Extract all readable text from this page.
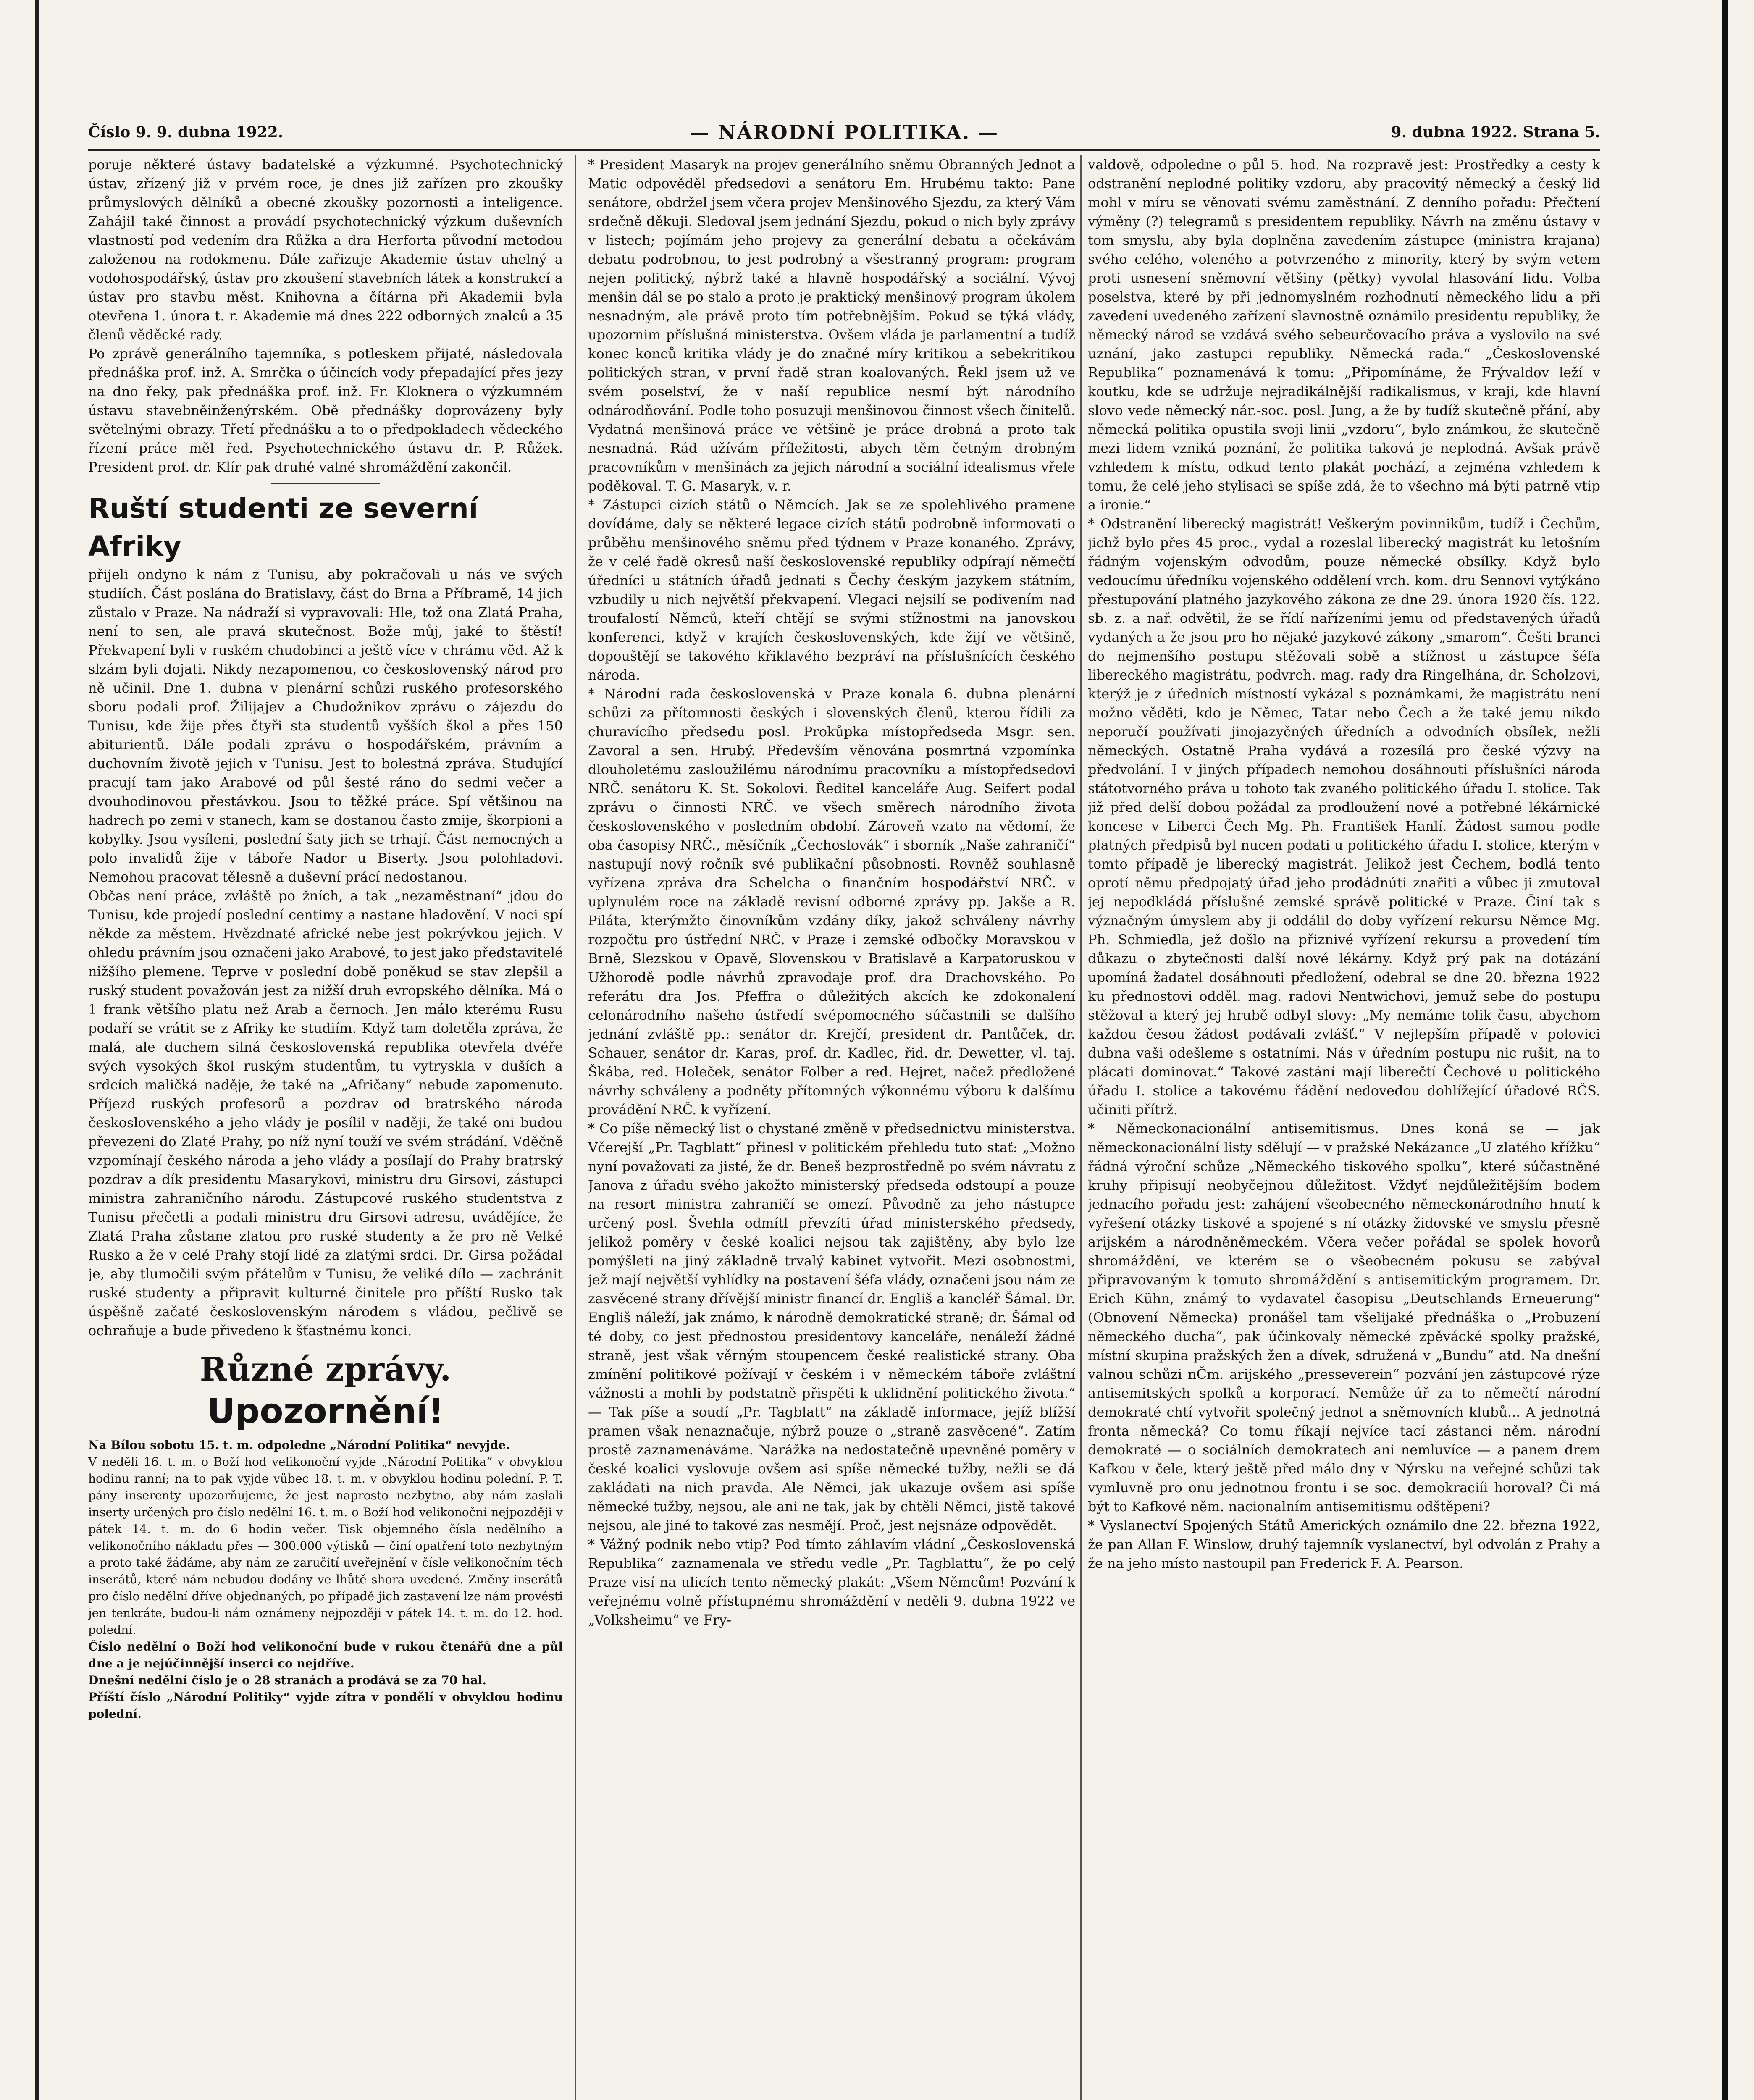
Číslo 9. 9. dubna 1922.	— NÁRODNÍ POLITIKA. —	9. dubna 1922. Strana 5.

poruje některé ústavy badatelské a výzkumné. Psychotechnický ústav, zřízený již v prvém roce, je dnes již zařízen pro zkoušky průmyslových dělníků a obecné zkoušky pozornosti a inteligence. Zahájil také činnost a provádí psychotechnický výzkum duševních vlastností pod vedením dra Růžka a dra Herforta původní metodou založenou na rodokmenu. Dále zařizuje Akademie ústav uhelný a vodohospodářský, ústav pro zkoušení stavebních látek a konstrukcí a ústav pro stavbu měst. Knihovna a čítárna při Akademii byla otevřena 1. února t. r. Akademie má dnes 222 odborných znalců a 35 členů věděcké rady.

Po zprávě generálního tajemníka, s potleskem přijaté, následovala přednáška prof. inž. A. Smrčka o účincích vody přepadající přes jezy na dno řeky, pak přednáška prof. inž. Fr. Kloknera o výzkumném ústavu stavebněinženýrském. Obě přednášky doprovázeny byly světelnými obrazy. Třetí přednášku a to o předpokladech vědeckého řízení práce měl řed. Psychotechnického ústavu dr. P. Růžek. President prof. dr. Klír pak druhé valné shromáždění zakončil.

Ruští studenti ze severní Afriky

přijeli ondyno k nám z Tunisu, aby pokračovali u nás ve svých studiích. Část poslána do Bratislavy, část do Brna a Příbramě, 14 jich zůstalo v Praze. Na nádraží si vypravovali: Hle, tož ona Zlatá Praha, není to sen, ale pravá skutečnost. Bože můj, jaké to štěstí! Překvapení byli v ruském chudobinci a ještě více v chrámu vĕd. Až k slzám byli dojati. Nikdy nezapomenou, co československý národ pro ně učinil. Dne 1. dubna v plenární schůzi ruského profesorského sboru podali prof. Žilijajev a Chudožnikov zprávu o zájezdu do Tunisu, kde žije přes čtyři sta studentů vyšších škol a přes 150 abiturientů. Dále podali zprávu o hospodářském, právním a duchovním životě jejich v Tunisu. Jest to bolestná zpráva. Studující pracují tam jako Arabové od půl šesté ráno do sedmi večer a dvouhodinovou přestávkou. Jsou to těžké práce. Spí většinou na hadrech po zemi v stanech, kam se dostanou často zmije, škorpioni a kobylky. Jsou vysíleni, poslední šaty jich se trhají. Část nemocných a polo invalidů žije v táboře Nador u Biserty. Jsou polohladovi. Nemohou pracovat tělesně a duševní prácí nedostanou.

Občas není práce, zvláště po žních, a tak „nezaměstnaní“ jdou do Tunisu, kde projedí poslední centimy a nastane hladovění. V noci spí někde za městem. Hvězdnaté africké nebe jest pokrývkou jejich. V ohledu právním jsou označeni jako Arabové, to jest jako představitelé nižšího plemene. Teprve v poslední době poněkud se stav zlepšil a ruský student považován jest za nižší druh evropského dělníka. Má o 1 frank většího platu než Arab a černoch. Jen málo kterému Rusu podaří se vrátit se z Afriky ke studiím. Když tam doletěla zpráva, že malá, ale duchem silná československá republika otevřela dvéře svých vysokých škol ruským studentům, tu vytryskla v duších a srdcích maličká naděje, že také na „Afričany“ nebude zapomenuto. Příjezd ruských profesorů a pozdrav od bratrského národa československého a jeho vlády je posílil v naději, že také oni budou převezeni do Zlaté Prahy, po níž nyní touží ve svém strádání. Vděčně vzpomínají českého národa a jeho vlády a posílají do Prahy bratrský pozdrav a dík presidentu Masarykovi, ministru dru Girsovi, zástupci ministra zahraničního národu. Zástupcové ruského studentstva z Tunisu přečetli a podali ministru dru Girsovi adresu, uvádějíce, že Zlatá Praha zůstane zlatou pro ruské studenty a že pro ně Velké Rusko a že v celé Prahy stojí lidé za zlatými srdci. Dr. Girsa požádal je, aby tlumočili svým přátelům v Tunisu, že veliké dílo — zachránit ruské studenty a připravit kulturné činitele pro příští Rusko tak úspěšně začaté československým národem s vládou, pečlivě se ochraňuje a bude přivedeno k šťastnému konci.

Různé zprávy.
Upozornění!

Na Bílou sobotu 15. t. m. odpoledne „Národní Politika“ nevyjde.

V neděli 16. t. m. o Boží hod velikonoční vyjde „Národní Politika“ v obvyklou hodinu ranní; na to pak vyjde vůbec 18. t. m. v obvyklou hodinu polední. P. T. pány inserenty upozorňujeme, že jest naprosto nezbytno, aby nám zaslali inserty určených pro číslo nedělní 16. t. m. o Boží hod velikonoční nejpozději v pátek 14. t. m. do 6 hodin večer. Tisk objemného čísla nedělního a velikonočního nákladu přes — 300.000 výtisků — činí opatření toto nezbytným a proto také žádáme, aby nám ze zaručití uveřejnění v čísle velikonočním těch inserátů, které nám nebudou dodány ve lhůtě shora uvedené. Změny inserátů pro číslo nedělní dříve objednaných, po případě jich zastavení lze nám provésti jen tenkráte, budou-li nám oznámeny nejpozději v pátek 14. t. m. do 12. hod. polední.

Číslo nedělní o Boží hod velikonoční bude v rukou čtenářů dne a půl dne a je nejúčinnější inserci co nejdříve.

Dnešní nedělní číslo je o 28 stranách a prodává se za 70 hal.

Příští číslo „Národní Politiky“ vyjde zítra v pondělí v obvyklou hodinu polední.

* President Masaryk na projev generálního sněmu Obranných Jednot a Matic odpověděl předsedovi a senátoru Em. Hrubému takto: Pane senátore, obdržel jsem včera projev Menšinového Sjezdu, za který Vám srdečně děkuji. Sledoval jsem jednání Sjezdu, pokud o nich byly zprávy v listech; pojímám jeho projevy za generální debatu a očekávám debatu podrobnou, to jest podrobný a všestranný program: program nejen politický, nýbrž také a hlavně hospodářský a sociální. Vývoj menšin dál se po stalo a proto je praktický menšinový program úkolem nesnadným, ale právě proto tím potřebnějším. Pokud se týká vlády, upozornim příslušná ministerstva. Ovšem vláda je parlamentní a tudíž konec konců kritika vlády je do značné míry kritikou a sebekritikou politických stran, v první řadě stran koalovaných. Řekl jsem už ve svém poselství, že v naší republice nesmí být národního odnárodňování. Podle toho posuzuji menšinovou činnost všech činitelů. Vydatná menšinová práce ve většině je práce drobná a proto tak nesnadná. Rád užívám příležitosti, abych těm četným drobným pracovníkům v menšinách za jejich národní a sociální idealismus vřele poděkoval. T. G. Masaryk, v. r.

* Zástupci cizích států o Němcích. Jak se ze spolehlivého pramene dovídáme, daly se některé legace cizích států podrobně informovati o průběhu menšinového sněmu před týdnem v Praze konaného. Zprávy, že v celé řadě okresů naší československé republiky odpírají němečtí úředníci u státních úřadů jednati s Čechy českým jazykem státním, vzbudily u nich největší překvapení. Vlegaci nejsilí se podivením nad troufalostí Němců, kteří chtějí se svými stížnostmi na janovskou konferenci, když v krajích československých, kde žijí ve většině, dopouštějí se takového křiklavého bezpráví na příslušnících českého národa.

* Národní rada československá v Praze konala 6. dubna plenární schůzi za přítomnosti českých i slovenských členů, kterou řídili za churavícího předsedu posl. Prokůpka místopředseda Msgr. sen. Zavoral a sen. Hrubý. Především věnována posmrtná vzpomínka dlouholetému zasloužilému národnímu pracovníku a místopředsedovi NRČ. senátoru K. St. Sokolovi. Ředitel kanceláře Aug. Seifert podal zprávu o činnosti NRČ. ve všech směrech národního života československého v posledním období. Zároveň vzato na vědomí, že oba časopisy NRČ., měsíčník „Čechoslovák“ i sborník „Naše zahraničí“ nastupují nový ročník své publikační působnosti. Rovněž souhlasně vyřízena zpráva dra Schelcha o finančním hospodářství NRČ. v uplynulém roce na základě revisní odborné zprávy pp. Jakše a R. Piláta, kterýmžto činovníkům vzdány díky, jakož schváleny návrhy rozpočtu pro ústřední NRČ. v Praze i zemské odbočky Moravskou v Brně, Slezskou v Opavě, Slovenskou v Bratislavě a Karpatoruskou v Užhorodě podle návrhů zpravodaje prof. dra Drachovského. Po referátu dra Jos. Pfeffra o důležitých akcích ke zdokonalení celonárodního našeho ústředí svépomocného súčastnili se dalšího jednání zvláště pp.: senátor dr. Krejčí, president dr. Pantůček, dr. Schauer, senátor dr. Karas, prof. dr. Kadlec, řid. dr. Dewetter, vl. taj. Škába, red. Holeček, senátor Folber a red. Hejret, načež předložené návrhy schváleny a podněty přítomných výkonnému výboru k dalšímu provádění NRČ. k vyřízení.

* Co píše německý list o chystané změně v předsednictvu ministerstva. Včerejší „Pr. Tagblatt“ přinesl v politickém přehledu tuto stať: „Možno nyní považovati za jisté, že dr. Beneš bezprostředně po svém návratu z Janova z úřadu svého jakožto ministerský předseda odstoupí a pouze na resort ministra zahraničí se omezí. Původně za jeho nástupce určený posl. Švehla odmítl převzíti úřad ministerského předsedy, jelikož poměry v české koalici nejsou tak zajištěny, aby bylo lze pomýšleti na jiný základně trvalý kabinet vytvořit. Mezi osobnostmi, jež mají největší vyhlídky na postavení šéfa vlády, označeni jsou nám ze zasvěcené strany dřívější ministr financí dr. Engliš a kancléř Šámal. Dr. Engliš náleží, jak známo, k národně demokratické straně; dr. Šámal od té doby, co jest přednostou presidentovy kanceláře, nenáleží žádné straně, jest však věrným stoupencem české realistické strany. Oba zmínění politikové požívají v českém i v německém táboře zvláštní vážnosti a mohli by podstatně přispěti k uklidnění politického života.“ — Tak píše a soudí „Pr. Tagblatt“ na základě informace, jejíž blížší pramen však nenaznačuje, nýbrž pouze o „straně zasvěcené“. Zatím prostě zaznamenáváme. Narážka na nedostatečně upevněné poměry v české koalici vyslovuje ovšem asi spíše německé tužby, nežli se dá zakládati na nich pravda. Ale Němci, jak ukazuje ovšem asi spíše německé tužby, nejsou, ale ani ne tak, jak by chtěli Němci, jistě takové nejsou, ale jiné to takové zas nesmějí. Proč, jest nejsnáze odpovědět.

* Vážný podnik nebo vtip? Pod tímto záhlavím vládní „Československá Republika“ zaznamenala ve středu vedle „Pr. Tagblattu“, že po celý Praze visí na ulicích tento německý plakát: „Všem Němcům! Pozvání k veřejnému volně přístupnému shromáždění v neděli 9. dubna 1922 ve „Volksheimu“ ve Fry-

valdově, odpoledne o půl 5. hod. Na rozpravě jest: Prostředky a cesty k odstranění neplodné politiky vzdoru, aby pracovitý německý a český lid mohl v míru se věnovati svému zaměstnání. Z denního pořadu: Přečtení výměny (?) telegramů s presidentem republiky. Návrh na změnu ústavy v tom smyslu, aby byla doplněna zavedením zástupce (ministra krajana) svého celého, voleného a potvrzeného z minority, který by svým vetem proti usnesení sněmovní většiny (pětky) vyvolal hlasování lidu. Volba poselstva, které by při jednomyslném rozhodnutí německého lidu a při zavedení uvedeného zařízení slavnostně oznámilo presidentu republiky, že německý národ se vzdává svého sebeurčovacího práva a vyslovilo na své uznání, jako zastupci republiky. Německá rada.“ „Československé Republika“ poznamenává k tomu: „Připomínáme, že Frývaldov leží v koutku, kde se udržuje nejradikálnější radikalismus, v kraji, kde hlavní slovo vede německý nár.-soc. posl. Jung, a že by tudíž skutečně přání, aby německá politika opustila svoji linii „vzdoru“, bylo známkou, že skutečně mezi lidem vzniká poznání, že politika taková je neplodná. Avšak právě vzhledem k místu, odkud tento plakát pochází, a zejména vzhledem k tomu, že celé jeho stylisaci se spíše zdá, že to všechno má býti patrně vtip a ironie.“

* Odstranění liberecký magistrát! Veškerým povinnikům, tudíž i Čechům, jichž bylo přes 45 proc., vydal a rozeslal liberecký magistrát ku letošním řádným vojenským odvodům, pouze německé obsílky. Když bylo vedoucímu úředníku vojenského oddělení vrch. kom. dru Sennovi vytýkáno přestupování platného jazykového zákona ze dne 29. února 1920 čís. 122. sb. z. a nař. odvětil, že se řídí nařízeními jemu od představených úřadů vydaných a že jsou pro ho nějaké jazykové zákony „smarom“. Češti branci do nejmenšího postupu stěžovali sobě a stížnost u zástupce šéfa libereckého magistrátu, podvrch. mag. rady dra Ringelhána, dr. Scholzovi, kterýž je z úředních místností vykázal s poznámkami, že magistrátu není možno věděti, kdo je Němec, Tatar nebo Čech a že také jemu nikdo neporučí používati jinojazyčných úředních a odvodních obsílek, nežli německých. Ostatně Praha vydává a rozesílá pro české výzvy na předvolání. I v jiných případech nemohou dosáhnouti příslušníci národa státotvorného práva u tohoto tak zvaného politického úřadu I. stolice. Tak již před delší dobou požádal za prodloužení nové a potřebné lékárnické koncese v Liberci Čech Mg. Ph. František Hanlí. Žádost samou podle platných předpisů byl nucen podati u politického úřadu I. stolice, kterým v tomto případě je liberecký magistrát. Jelikož jest Čechem, bodlá tento oprotí němu předpojatý úřad jeho prodádnúti znařiti a vůbec ji zmutoval jej nepodkládá příslušné zemské správě politické v Praze. Činí tak s význačným úmyslem aby ji oddálil do doby vyřízení rekursu Němce Mg. Ph. Schmiedla, jež došlo na přiznivé vyřízení rekursu a provedení tím důkazu o zbytečnosti další nové lékárny. Když prý pak na dotázání upomíná žadatel dosáhnouti předložení, odebral se dne 20. března 1922 ku přednostovi odděl. mag. radovi Nentwichovi, jemuž sebe do postupu stěžoval a který jej hrubě odbyl slovy: „My nemáme tolik času, abychom každou česou žádost podávali zvlášť.“ V nejlepším případě v polovici dubna vaši odešleme s ostatními. Nás v úředním postupu nic rušit, na to plácati dominovat.“ Takové zastání mají liberečtí Čechové u politického úřadu I. stolice a takovému řádění nedovedou dohlížející úřadové RČS. učiniti přítrž.

* Německonacionální antisemitismus. Dnes koná se — jak německonacionální listy sdělují — v pražské Nekázance „U zlatého křížku“ řádná výroční schůze „Německého tiskového spolku“, které súčastněné kruhy připisují neobyčejnou důležitost. Vždyť nejdůležitějším bodem jednacího pořadu jest: zahájení všeobecného německonárodního hnutí k vyřešení otázky tiskové a spojené s ní otázky židovské ve smyslu přesně arijském a národněněmeckém. Včera večer pořádal se spolek hovorů shromáždění, ve kterém se o všeobecném pokusu se zabýval připravovaným k tomuto shromáždění s antisemitickým programem. Dr. Erich Kühn, známý to vydavatel časopisu „Deutschlands Erneuerung“ (Obnovení Německa) pronášel tam všelijaké přednáška o „Probuzení německého ducha“, pak účinkovaly německé zpěvácké spolky pražské, místní skupina pražských žen a dívek, sdružená v „Bundu“ atd. Na dnešní valnou schůzi nČm. arijského „presseverein“ pozvání jen zástupcové rýze antisemitských spolků a korporací. Nemůže úř za to němečtí národní demokraté chtí vytvořit společný jednot a sněmovních klubů... A jednotná fronta německá? Co tomu říkají nejvíce tací zástanci něm. národní demokraté — o sociálních demokratech ani nemluvíce — a panem drem Kafkou v čele, který ještě před málo dny v Nýrsku na veřejné schůzi tak vymluvně pro onu jednotnou frontu i se soc. demokraciíi horoval? Či má být to Kafkové něm. nacionalním antisemitismu odštěpeni?

* Vyslanectví Spojených Států Amerických oznámilo dne 22. března 1922, že pan Allan F. Winslow, druhý tajemník vyslanectví, byl odvolán z Prahy a že na jeho místo nastoupil pan Frederick F. A. Pearson.
